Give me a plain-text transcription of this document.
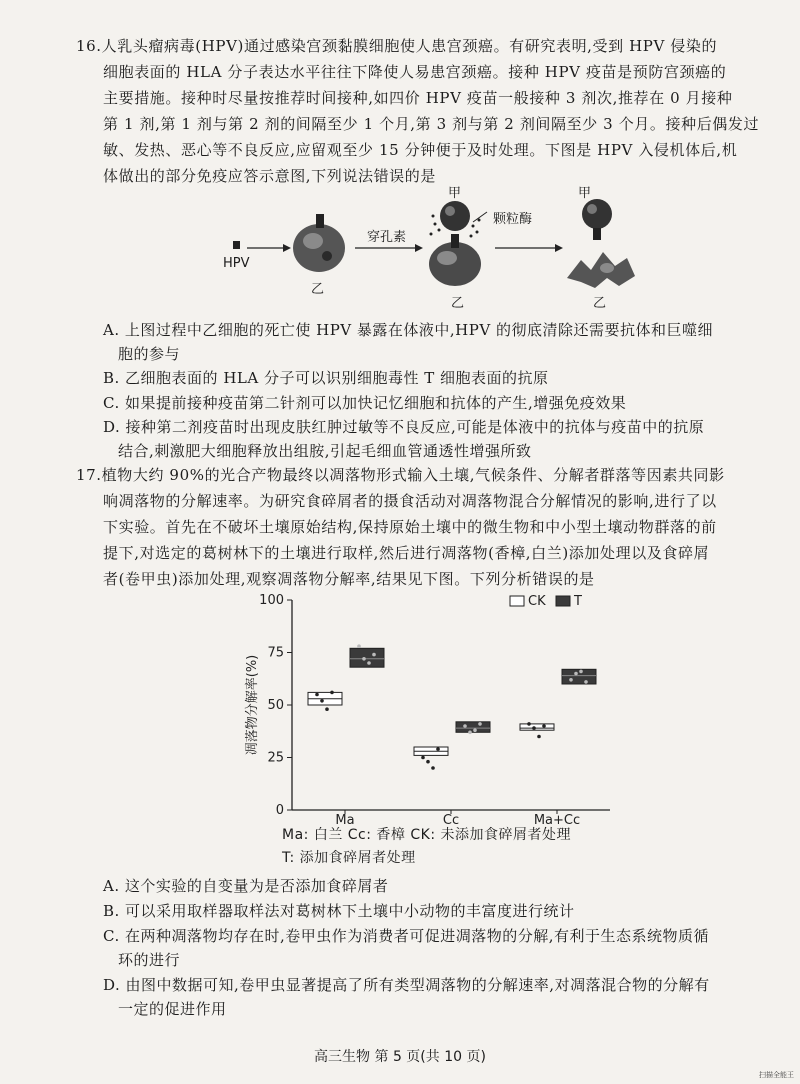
16.人乳头瘤病毒(HPV)通过感染宫颈黏膜细胞使人患宫颈癌。有研究表明,受到 HPV 侵染的
细胞表面的 HLA 分子表达水平往往下降使人易患宫颈癌。接种 HPV 疫苗是预防宫颈癌的
主要措施。接种时尽量按推荐时间接种,如四价 HPV 疫苗一般接种 3 剂次,推荐在 0 月接种
第 1 剂,第 1 剂与第 2 剂的间隔至少 1 个月,第 3 剂与第 2 剂间隔至少 3 个月。接种后偶发过
敏、发热、恶心等不良反应,应留观至少 15 分钟便于及时处理。下图是 HPV 入侵机体后,机
体做出的部分免疫应答示意图,下列说法错误的是
甲	甲
颗粒酶
穿孔素
HPV
乙
乙	乙
A. 上图过程中乙细胞的死亡使 HPV 暴露在体液中,HPV 的彻底清除还需要抗体和巨噬细
胞的参与
B. 乙细胞表面的 HLA 分子可以识别细胞毒性 T 细胞表面的抗原
C. 如果提前接种疫苗第二针剂可以加快记忆细胞和抗体的产生,增强免疫效果
D. 接种第二剂疫苗时出现皮肤红肿过敏等不良反应,可能是体液中的抗体与疫苗中的抗原
结合,刺激肥大细胞释放出组胺,引起毛细血管通透性增强所致
17.植物大约 90%的光合产物最终以凋落物形式输入土壤,气候条件、分解者群落等因素共同影
响凋落物的分解速率。为研究食碎屑者的摄食活动对凋落物混合分解情况的影响,进行了以
下实验。首先在不破坏土壤原始结构,保持原始土壤中的微生物和中小型土壤动物群落的前
提下,对选定的葛树林下的土壤进行取样,然后进行凋落物(香樟,白兰)添加处理以及食碎屑
者(卷甲虫)添加处理,观察凋落物分解率,结果见下图。下列分析错误的是
0
25
50
75
100
凋落物分解率(%)
Ma	Cc	Ma+Cc
CK T
Ma: 白兰 Cc: 香樟 CK: 未添加食碎屑者处理
T: 添加食碎屑者处理
A. 这个实验的自变量为是否添加食碎屑者
B. 可以采用取样器取样法对葛树林下土壤中小动物的丰富度进行统计
C. 在两种凋落物均存在时,卷甲虫作为消费者可促进凋落物的分解,有利于生态系统物质循
环的进行
D. 由图中数据可知,卷甲虫显著提高了所有类型凋落物的分解速率,对凋落混合物的分解有
一定的促进作用
高三生物 第 5 页(共 10 页)
扫描全能王
